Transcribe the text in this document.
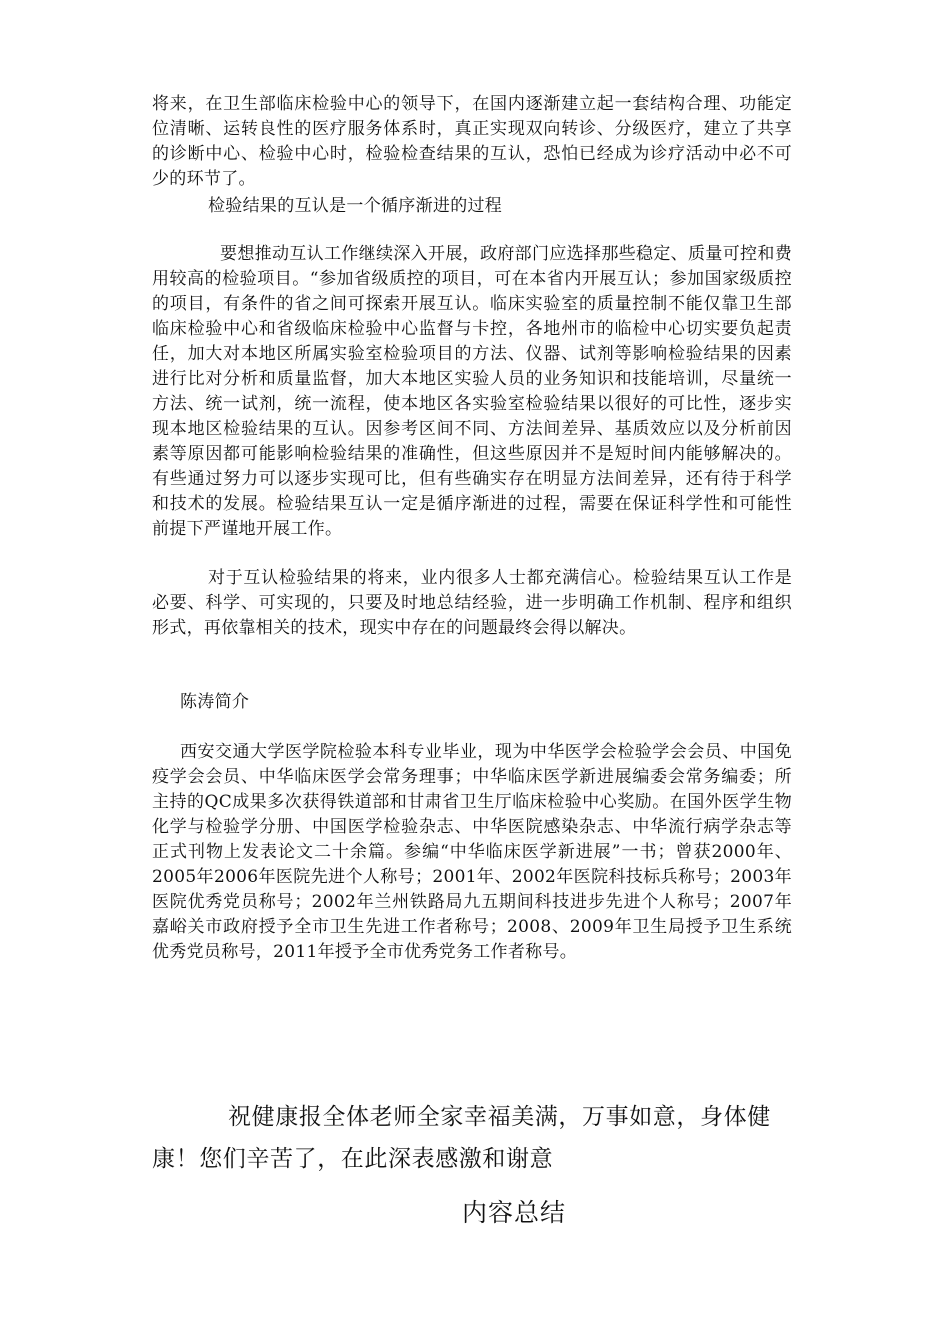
将来，在卫生部临床检验中心的领导下，在国内逐渐建立起一套结构合理、功能定位清晰、运转良性的医疗服务体系时，真正实现双向转诊、分级医疗，建立了共享的诊断中心、检验中心时，检验检查结果的互认，恐怕已经成为诊疗活动中必不可少的环节了。

检验结果的互认是一个循序渐进的过程

要想推动互认工作继续深入开展，政府部门应选择那些稳定、质量可控和费用较高的检验项目。“参加省级质控的项目，可在本省内开展互认；参加国家级质控的项目，有条件的省之间可探索开展互认。临床实验室的质量控制不能仅靠卫生部临床检验中心和省级临床检验中心监督与卡控，各地州市的临检中心切实要负起责任，加大对本地区所属实验室检验项目的方法、仪器、试剂等影响检验结果的因素进行比对分析和质量监督，加大本地区实验人员的业务知识和技能培训，尽量统一方法、统一试剂，统一流程，使本地区各实验室检验结果以很好的可比性，逐步实现本地区检验结果的互认。因参考区间不同、方法间差异、基质效应以及分析前因素等原因都可能影响检验结果的准确性，但这些原因并不是短时间内能够解决的。有些通过努力可以逐步实现可比，但有些确实存在明显方法间差异，还有待于科学和技术的发展。检验结果互认一定是循序渐进的过程，需要在保证科学性和可能性前提下严谨地开展工作。

对于互认检验结果的将来，业内很多人士都充满信心。检验结果互认工作是必要、科学、可实现的，只要及时地总结经验，进一步明确工作机制、程序和组织形式，再依靠相关的技术，现实中存在的问题最终会得以解决。

陈涛简介

西安交通大学医学院检验本科专业毕业，现为中华医学会检验学会会员、中国免疫学会会员、中华临床医学会常务理事；中华临床医学新进展编委会常务编委；所主持的QC成果多次获得铁道部和甘肃省卫生厅临床检验中心奖励。在国外医学生物化学与检验学分册、中国医学检验杂志、中华医院感染杂志、中华流行病学杂志等正式刊物上发表论文二十余篇。参编“中华临床医学新进展”一书；曾获2000年、2005年2006年医院先进个人称号；2001年、2002年医院科技标兵称号；2003年医院优秀党员称号；2002年兰州铁路局九五期间科技进步先进个人称号；2007年嘉峪关市政府授予全市卫生先进工作者称号；2008、2009年卫生局授予卫生系统优秀党员称号，2011年授予全市优秀党务工作者称号。

祝健康报全体老师全家幸福美满，万事如意，身体健康！您们辛苦了，在此深表感激和谢意

内容总结
